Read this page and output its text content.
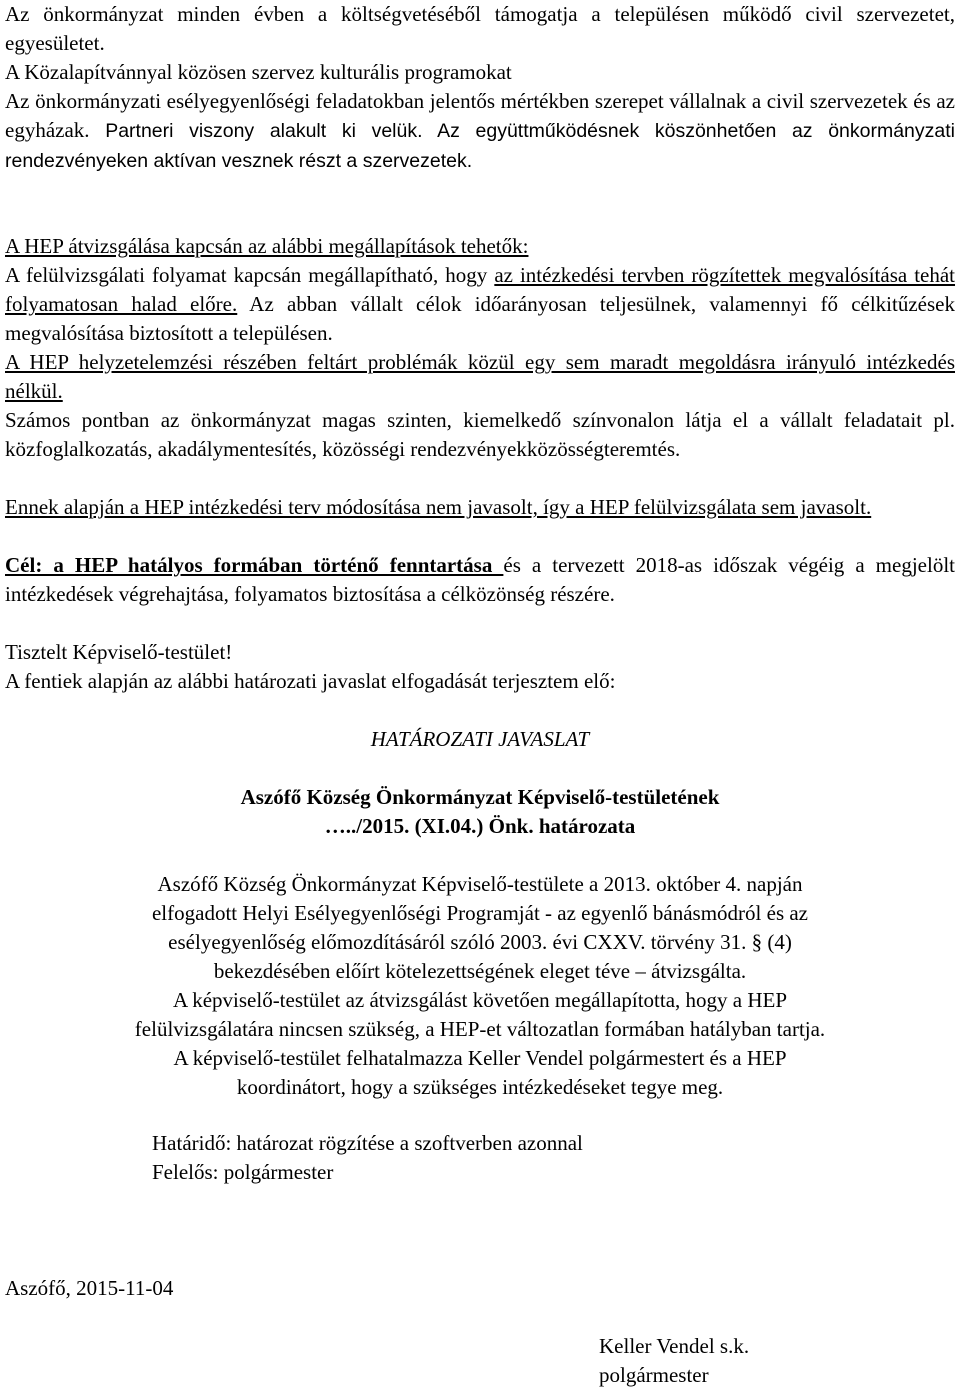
Az önkormányzat minden évben a költségvetéséből támogatja a településen működő civil szervezetet, egyesületet.

A Közalapítvánnyal közösen szervez kulturális programokat

Az önkormányzati esélyegyenlőségi feladatokban jelentős mértékben szerepet vállalnak a civil szervezetek és az egyházak. Partneri viszony alakult ki velük. Az együttműködésnek köszönhetően az önkormányzati rendezvényeken aktívan vesznek részt a szervezetek.

A HEP átvizsgálása kapcsán az alábbi megállapítások tehetők:

A felülvizsgálati folyamat kapcsán megállapítható, hogy az intézkedési tervben rögzítettek megvalósítása tehát folyamatosan halad előre. Az abban vállalt célok időarányosan teljesülnek, valamennyi fő célkitűzések megvalósítása biztosított a településen.

A HEP helyzetelemzési részében feltárt problémák közül egy sem maradt megoldásra irányuló intézkedés nélkül.

Számos pontban az önkormányzat magas szinten, kiemelkedő színvonalon látja el a vállalt feladatait pl. közfoglalkozatás, akadálymentesítés, közösségi rendezvényekközösségteremtés.

Ennek alapján a HEP intézkedési terv módosítása nem javasolt, így a HEP felülvizsgálata sem javasolt.

Cél: a HEP hatályos formában történő fenntartása és a tervezett 2018-as időszak végéig a megjelölt intézkedések végrehajtása, folyamatos biztosítása a célközönség részére.

Tisztelt Képviselő-testület!

A fentiek alapján az alábbi határozati javaslat elfogadását terjesztem elő:

HATÁROZATI JAVASLAT

Aszófő Község Önkormányzat Képviselő-testületének

…../2015. (XI.04.) Önk. határozata

Aszófő Község Önkormányzat Képviselő-testülete a 2013. október 4. napján

elfogadott Helyi Esélyegyenlőségi Programját - az egyenlő bánásmódról és az

esélyegyenlőség előmozdításáról szóló 2003. évi CXXV. törvény 31. § (4)

bekezdésében előírt kötelezettségének eleget téve – átvizsgálta.

A képviselő-testület az átvizsgálást követően megállapította, hogy a HEP

felülvizsgálatára nincsen szükség, a HEP-et változatlan formában hatályban tartja.

A képviselő-testület felhatalmazza Keller Vendel polgármestert és a HEP

koordinátort, hogy a szükséges intézkedéseket tegye meg.

Határidő: határozat rögzítése a szoftverben azonnal

Felelős: polgármester

Aszófő, 2015-11-04

Keller Vendel s.k.

polgármester
